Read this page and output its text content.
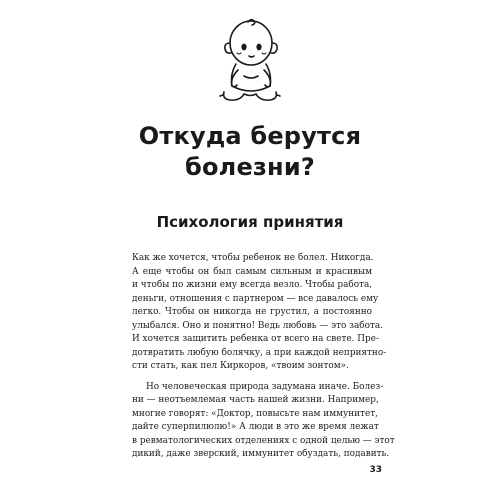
Откуда берутся
болезни?
Психология принятия

Как же хочется, чтобы ребенок не болел. Никогда.
А еще чтобы он был самым сильным и красивым
и чтобы по жизни ему всегда везло. Чтобы работа,
деньги, отношения с партнером — все давалось ему
легко. Чтобы он никогда не грустил, а постоянно
улыбался. Оно и понятно! Ведь любовь — это забота.
И хочется защитить ребенка от всего на свете. Пре-
дотвратить любую болячку, а при каждой неприятно-
сти стать, как пел Киркоров, «твоим зонтом».

Но человеческая природа задумана иначе. Болез-
ни — неотъемлемая часть нашей жизни. Например,
многие говорят: «Доктор, повысьте нам иммунитет,
дайте суперпилюлю!» А люди в это же время лежат
в ревматологических отделениях с одной целью — этот
дикий, даже зверский, иммунитет обуздать, подавить.

33
